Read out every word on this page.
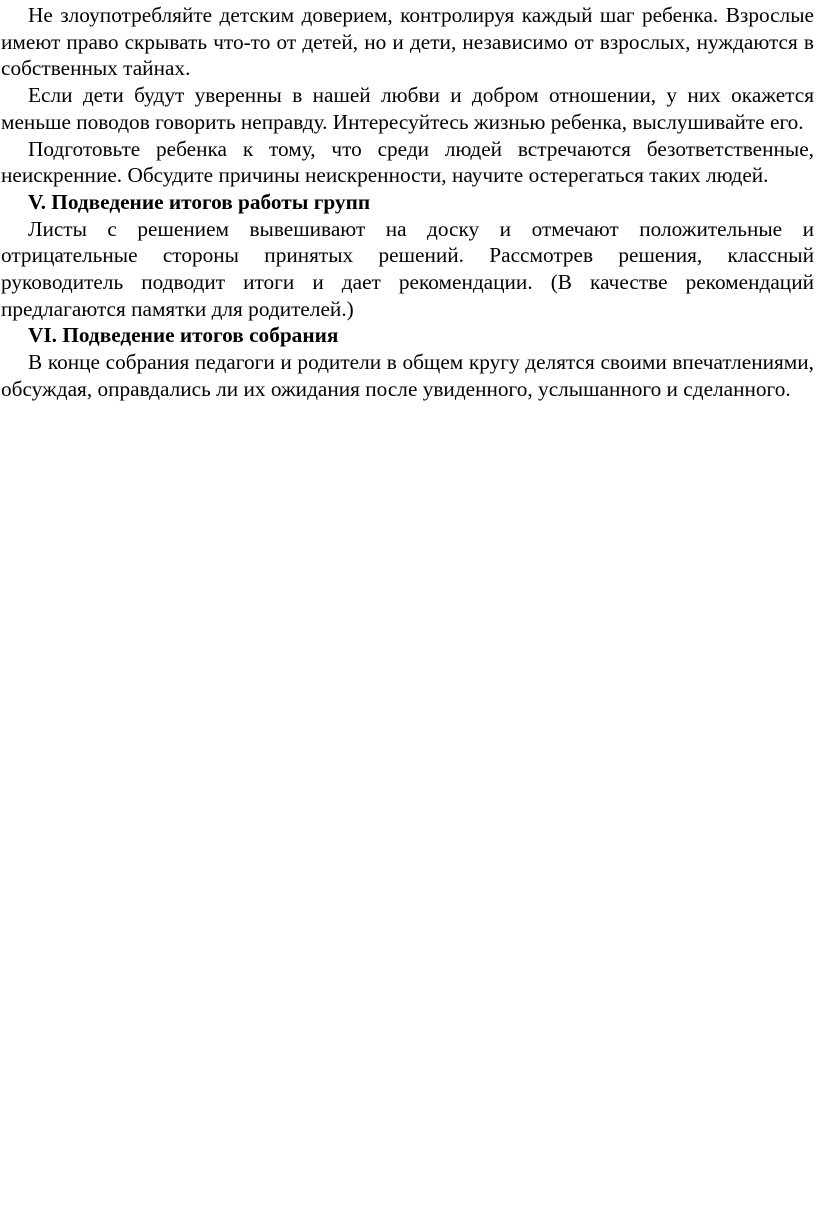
Не злоупотребляйте детским доверием, контролируя каждый шаг ребенка. Взрослые имеют право скрывать что-то от детей, но и дети, независимо от взрослых, нуждаются в собственных тайнах.

Если дети будут уверенны в нашей любви и добром отношении, у них окажется меньше поводов говорить неправду. Интересуйтесь жизнью ребенка, выслушивайте его.

Подготовьте ребенка к тому, что среди людей встречаются безответственные, неискренние. Обсудите причины неискренности, научите остерегаться таких людей.

V. Подведение итогов работы групп

Листы с решением вывешивают на доску и отмечают положительные и отрицательные стороны принятых решений. Рассмотрев решения, классный руководитель подводит итоги и дает рекомендации. (В качестве рекомендаций предлагаются памятки для родителей.)

VI. Подведение итогов собрания

В конце собрания педагоги и родители в общем кругу делятся своими впечатлениями, обсуждая, оправдались ли их ожидания после увиденного, услышанного и сделанного.
